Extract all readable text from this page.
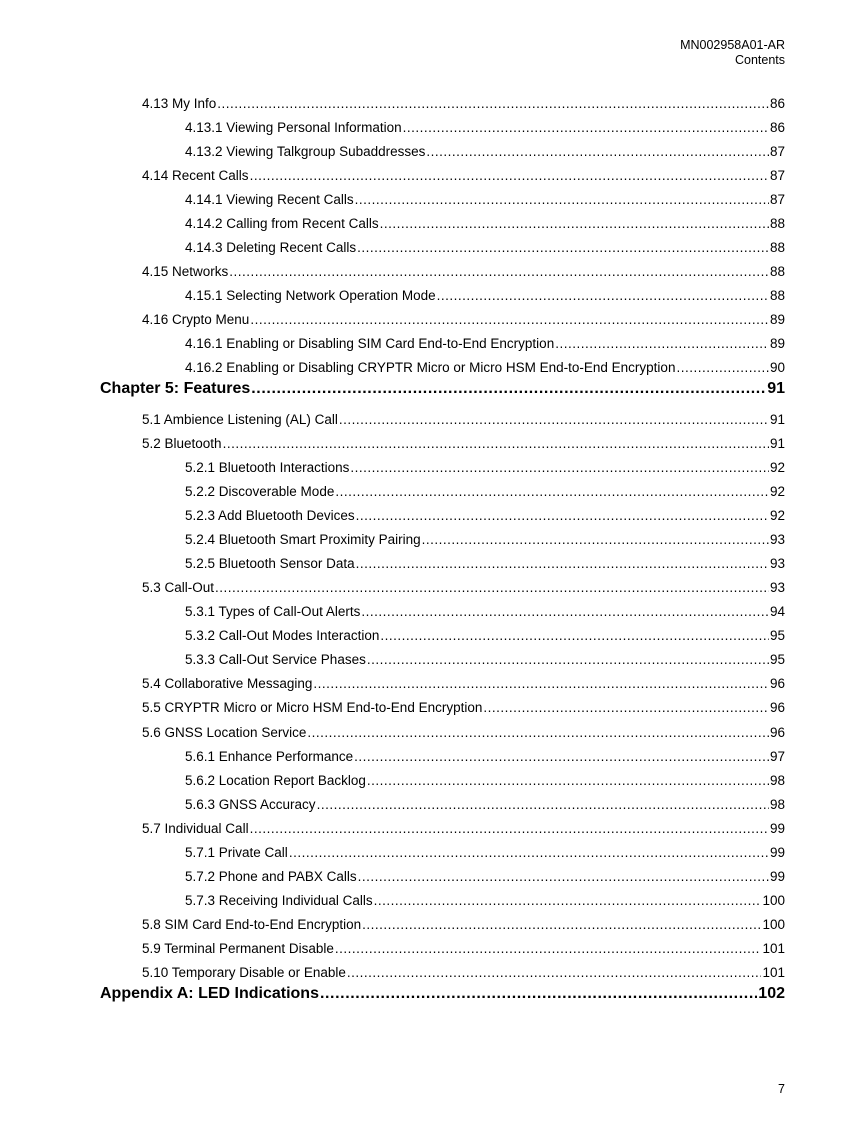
MN002958A01-AR
Contents
4.13 My Info .....	86
4.13.1 Viewing Personal Information .....	86
4.13.2 Viewing Talkgroup Subaddresses .....	87
4.14 Recent Calls .....	87
4.14.1 Viewing Recent Calls .....	87
4.14.2 Calling from Recent Calls .....	88
4.14.3 Deleting Recent Calls .....	88
4.15 Networks .....	88
4.15.1 Selecting Network Operation Mode .....	88
4.16 Crypto Menu .....	89
4.16.1 Enabling or Disabling SIM Card End-to-End Encryption .....	89
4.16.2 Enabling or Disabling CRYPTR Micro or Micro HSM End-to-End Encryption .....	90
Chapter 5: Features .....	91
5.1 Ambience Listening (AL) Call .....	91
5.2 Bluetooth .....	91
5.2.1 Bluetooth Interactions .....	92
5.2.2 Discoverable Mode .....	92
5.2.3 Add Bluetooth Devices .....	92
5.2.4 Bluetooth Smart Proximity Pairing .....	93
5.2.5 Bluetooth Sensor Data .....	93
5.3 Call-Out .....	93
5.3.1 Types of Call-Out Alerts .....	94
5.3.2 Call-Out Modes Interaction .....	95
5.3.3 Call-Out Service Phases .....	95
5.4 Collaborative Messaging .....	96
5.5 CRYPTR Micro or Micro HSM End-to-End Encryption .....	96
5.6 GNSS Location Service .....	96
5.6.1 Enhance Performance .....	97
5.6.2 Location Report Backlog .....	98
5.6.3 GNSS Accuracy .....	98
5.7 Individual Call .....	99
5.7.1 Private Call .....	99
5.7.2 Phone and PABX Calls .....	99
5.7.3 Receiving Individual Calls .....	100
5.8 SIM Card End-to-End Encryption .....	100
5.9 Terminal Permanent Disable .....	101
5.10 Temporary Disable or Enable .....	101
Appendix A: LED Indications .....	102
7
